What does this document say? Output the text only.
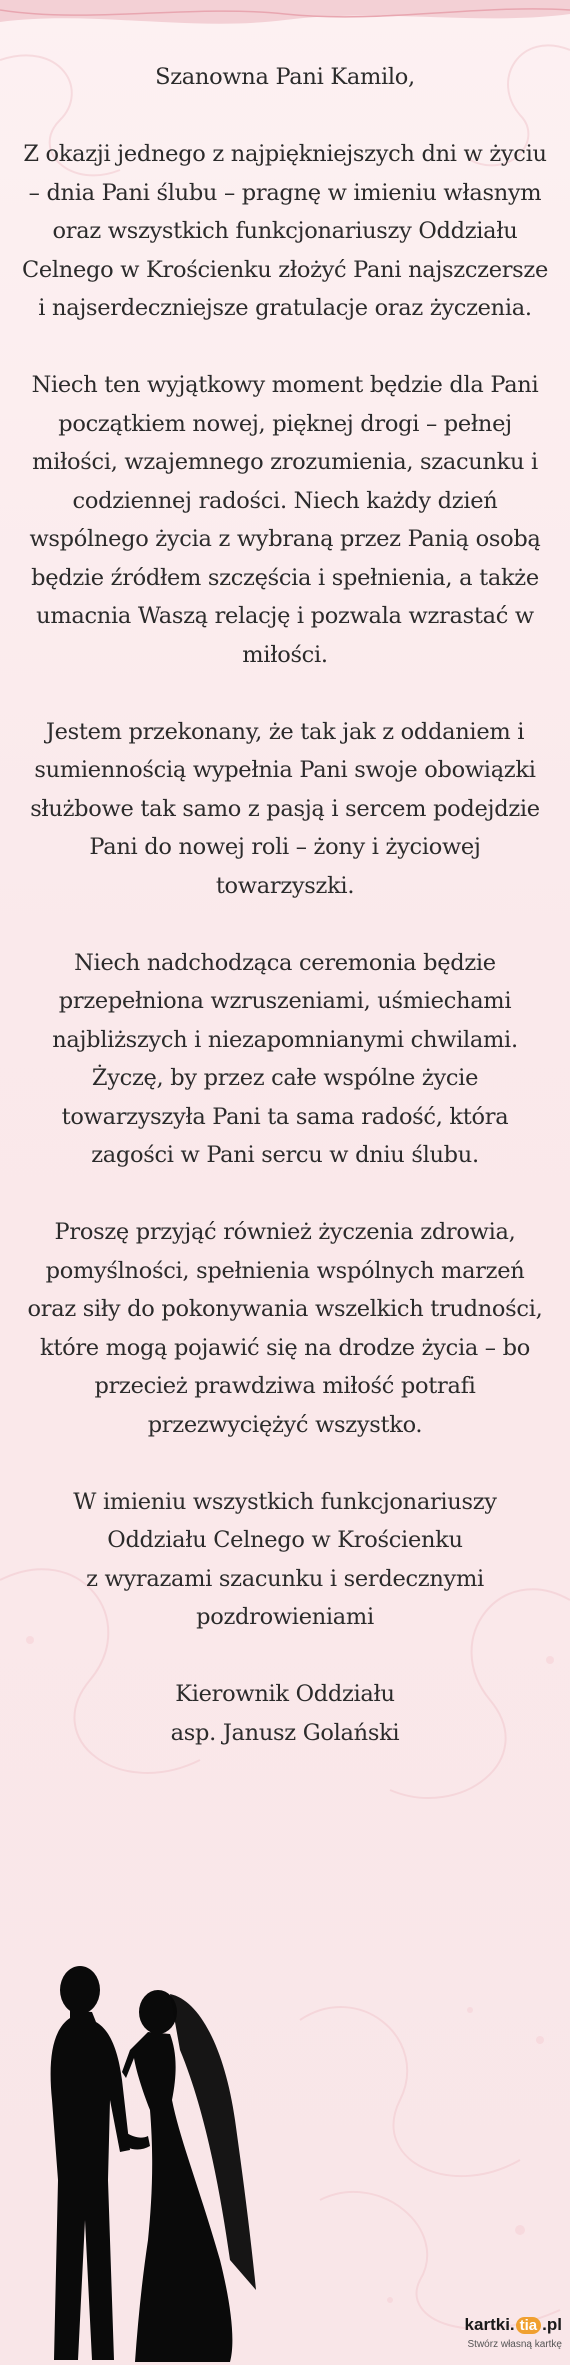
Szanowna Pani Kamilo,

Z okazji jednego z najpiękniejszych dni w życiu – dnia Pani ślubu – pragnę w imieniu własnym oraz wszystkich funkcjonariuszy Oddziału Celnego w Krościenku złożyć Pani najszczersze i najserdeczniejsze gratulacje oraz życzenia.

Niech ten wyjątkowy moment będzie dla Pani początkiem nowej, pięknej drogi – pełnej miłości, wzajemnego zrozumienia, szacunku i codziennej radości. Niech każdy dzień wspólnego życia z wybraną przez Panią osobą będzie źródłem szczęścia i spełnienia, a także umacnia Waszą relację i pozwala wzrastać w miłości.

Jestem przekonany, że tak jak z oddaniem i sumiennością wypełnia Pani swoje obowiązki służbowe tak samo z pasją i sercem podejdzie Pani do nowej roli – żony i życiowej towarzyszki.

Niech nadchodząca ceremonia będzie przepełniona wzruszeniami, uśmiechami najbliższych i niezapomnianymi chwilami. Życzę, by przez całe wspólne życie towarzyszyła Pani ta sama radość, która zagości w Pani sercu w dniu ślubu.

Proszę przyjąć również życzenia zdrowia, pomyślności, spełnienia wspólnych marzeń oraz siły do pokonywania wszelkich trudności, które mogą pojawić się na drodze życia – bo przecież prawdziwa miłość potrafi przezwyciężyć wszystko.

W imieniu wszystkich funkcjonariuszy
Oddziału Celnego w Krościenku
z wyrazami szacunku i serdecznymi
pozdrowieniami
Kierownik Oddziału
asp. Janusz Golański
kartki. tia .pl
Stwórz własną kartkę
